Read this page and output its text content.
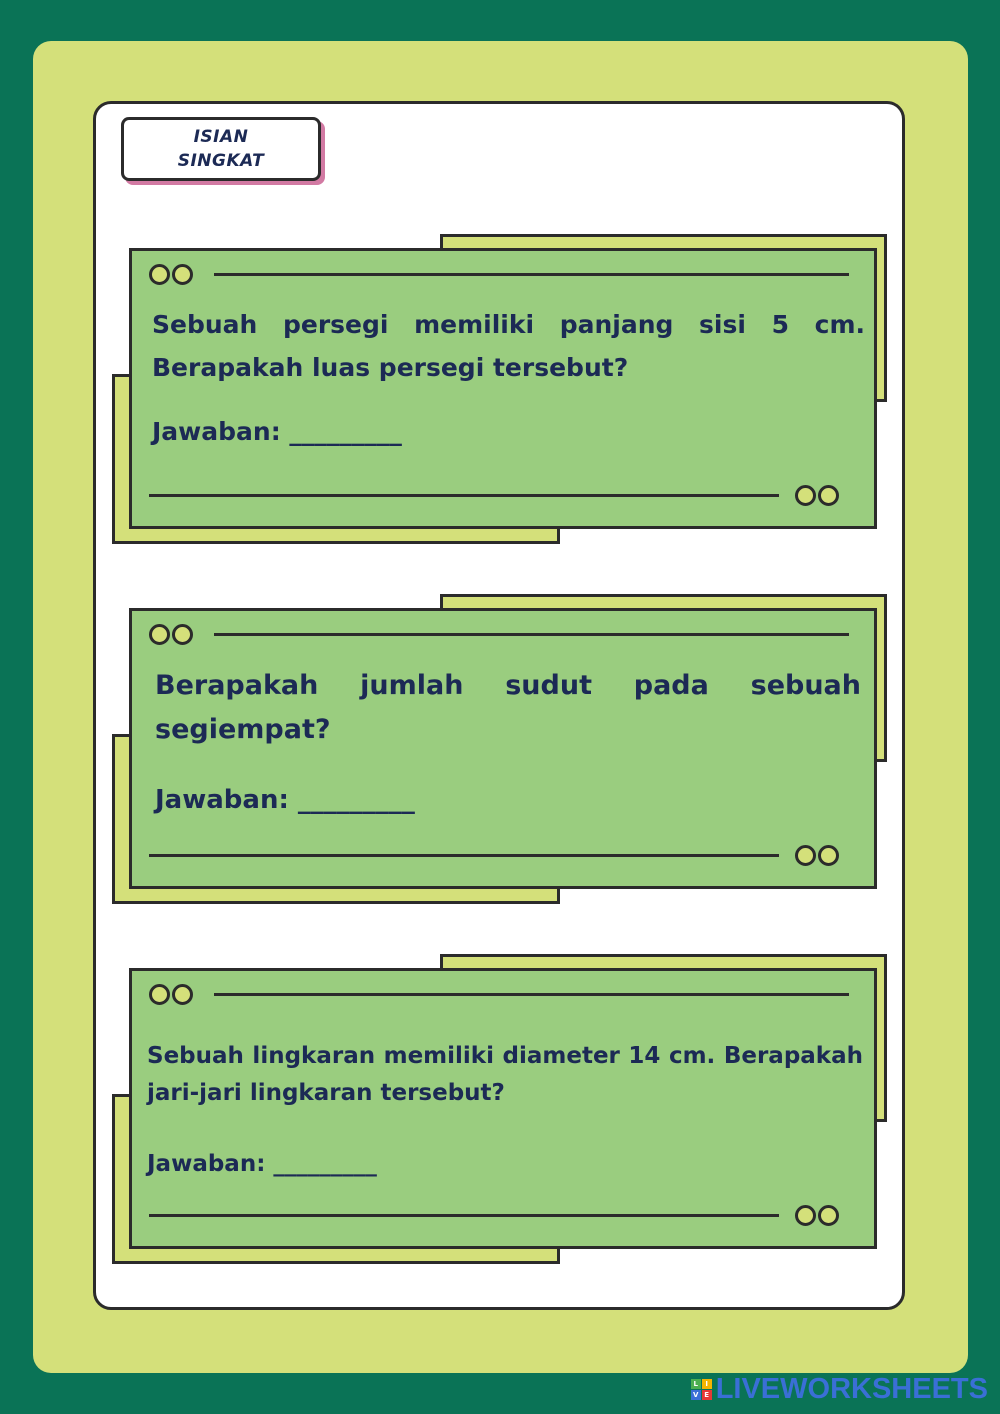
ISIAN
SINGKAT

Sebuah persegi memiliki panjang sisi 5 cm. Berapakah luas persegi tersebut?

Jawaban: _________

Berapakah jumlah sudut pada sebuah segiempat?

Jawaban: _________

Sebuah lingkaran memiliki diameter 14 cm. Berapakah jari-jari lingkaran tersebut?

Jawaban: _________

L	I
V E LIVEWORKSHEETS
